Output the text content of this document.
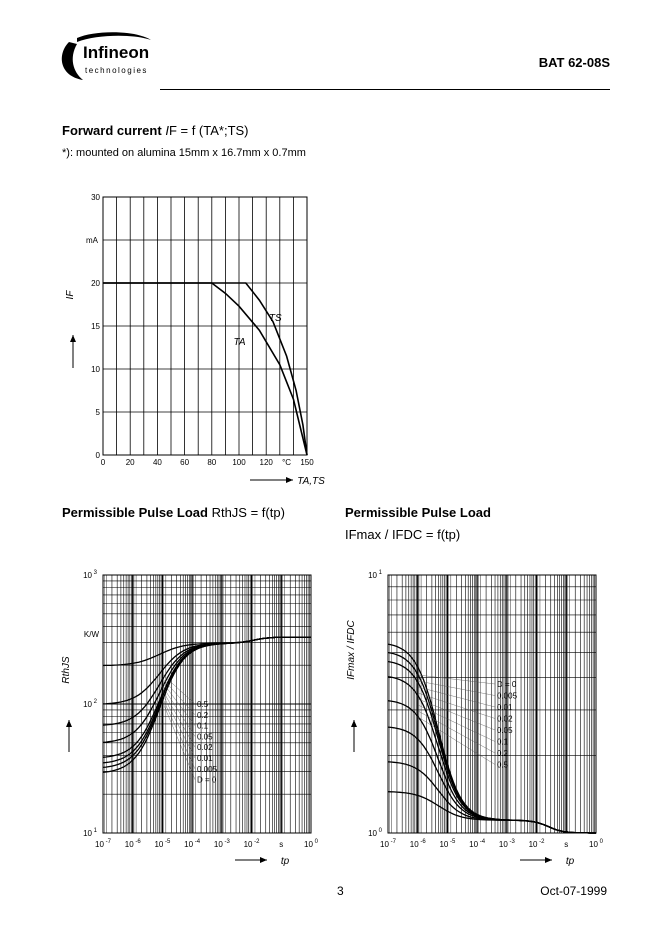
Infineon
technologies
BAT 62-08S
Forward current IF = f (TA*;TS)
*): mounted on alumina 15mm x 16.7mm x 0.7mm
Permissible Pulse Load RthJS = f(tp)	Permissible Pulse Load
IFmax / IFDC = f(tp)
0	20 40 60 80 100 120	150
°C
0
5
10
15
20
30
mA
IF
TA,TS
TS
TA
10 $^{-7}$ 10 $^{-6}$ 10 $^{-5}$ 10 $^{-4}$ 10 $^{-3}$ 10 $^{-2}$ s	10 $^0$
10 $^1$
10 $^2$
10 $^3$
K/W
RthJS
tp
0.5
0.2
0.1
0.05
0.02
0.01
0.005
D = 0
10 $^{-7}$ 10 $^{-6}$ 10 $^{-5}$ 10 $^{-4}$ 10 $^{-3}$ 10 $^{-2}$ s	10 $^0$
10 $^0$
10 $^1$
IFmax / IFDC
tp
D = 0
0.005
0.01
0.02
0.05
0.1
0.2
0.5
3	Oct-07-1999
